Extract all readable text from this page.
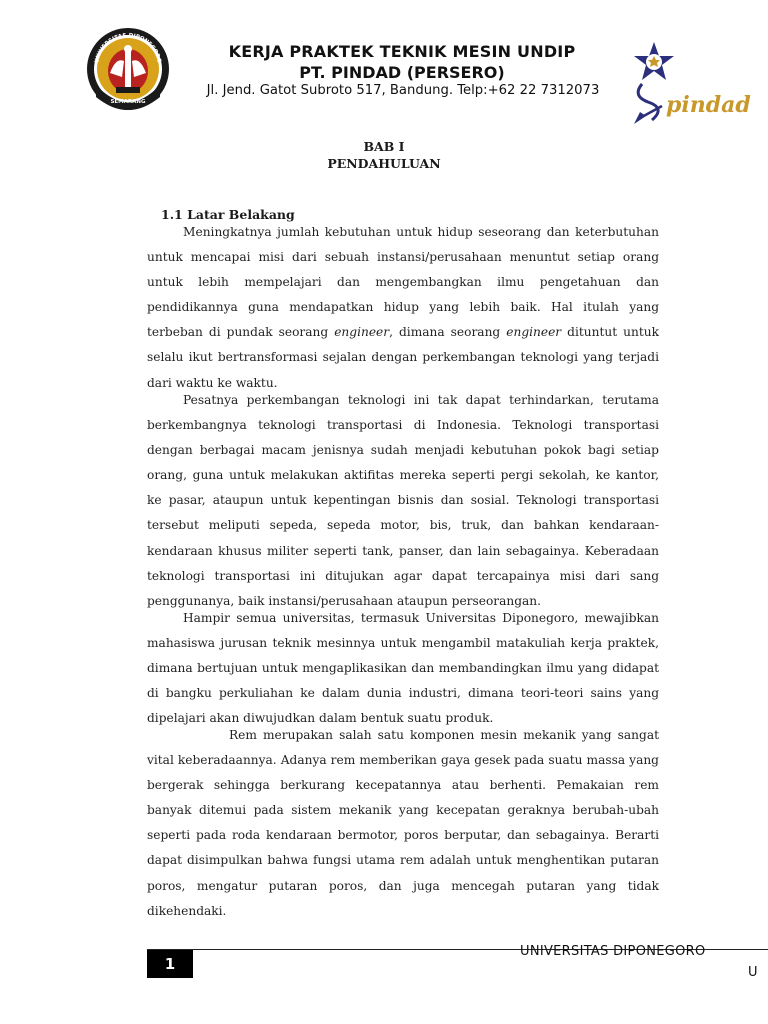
SEMARANG
UNIVERSITAS DIPONEGORO	KERJA PRAKTEK TEKNIK MESIN UNDIP
PT. PINDAD (PERSERO)
Jl. Jend. Gatot Subroto 517, Bandung. Telp:+62 22 7312073
pindad
BAB I
PENDAHULUAN
1.1 Latar Belakang
Meningkatnya jumlah kebutuhan untuk hidup seseorang dan keterbutuhan untuk mencapai misi dari sebuah instansi/perusahaan menuntut setiap orang untuk lebih mempelajari dan mengembangkan ilmu pengetahuan dan pendidikannya guna mendapatkan hidup yang lebih baik. Hal itulah yang terbeban di pundak seorang engineer, dimana seorang engineer dituntut untuk selalu ikut bertransformasi sejalan dengan perkembangan teknologi yang terjadi dari waktu ke waktu.
Pesatnya perkembangan teknologi ini tak dapat terhindarkan, terutama berkembangnya teknologi transportasi di Indonesia. Teknologi transportasi dengan berbagai macam jenisnya sudah menjadi kebutuhan pokok bagi setiap orang, guna untuk melakukan aktifitas mereka seperti pergi sekolah, ke kantor, ke pasar, ataupun untuk kepentingan bisnis dan sosial. Teknologi transportasi tersebut meliputi sepeda, sepeda motor, bis, truk, dan bahkan kendaraan-kendaraan khusus militer seperti tank, panser, dan lain sebagainya. Keberadaan teknologi transportasi ini ditujukan agar dapat tercapainya misi dari sang penggunanya, baik instansi/perusahaan ataupun perseorangan.
Hampir semua universitas, termasuk Universitas Diponegoro, mewajibkan mahasiswa jurusan teknik mesinnya untuk mengambil matakuliah kerja praktek, dimana bertujuan untuk mengaplikasikan dan membandingkan ilmu yang didapat di bangku perkuliahan ke dalam dunia industri, dimana teori-teori sains yang dipelajari akan diwujudkan dalam bentuk suatu produk.
Rem merupakan salah satu komponen mesin mekanik yang sangat vital keberadaannya. Adanya rem memberikan gaya gesek pada suatu massa yang bergerak sehingga berkurang kecepatannya atau berhenti. Pemakaian rem banyak ditemui pada sistem mekanik yang kecepatan geraknya berubah-ubah seperti pada roda kendaraan bermotor, poros berputar, dan sebagainya. Berarti dapat disimpulkan bahwa fungsi utama rem adalah untuk menghentikan putaran poros, mengatur putaran poros, dan juga mencegah putaran yang tidak dikehendaki.
1
UNIVERSITAS DIPONEGORO
U
